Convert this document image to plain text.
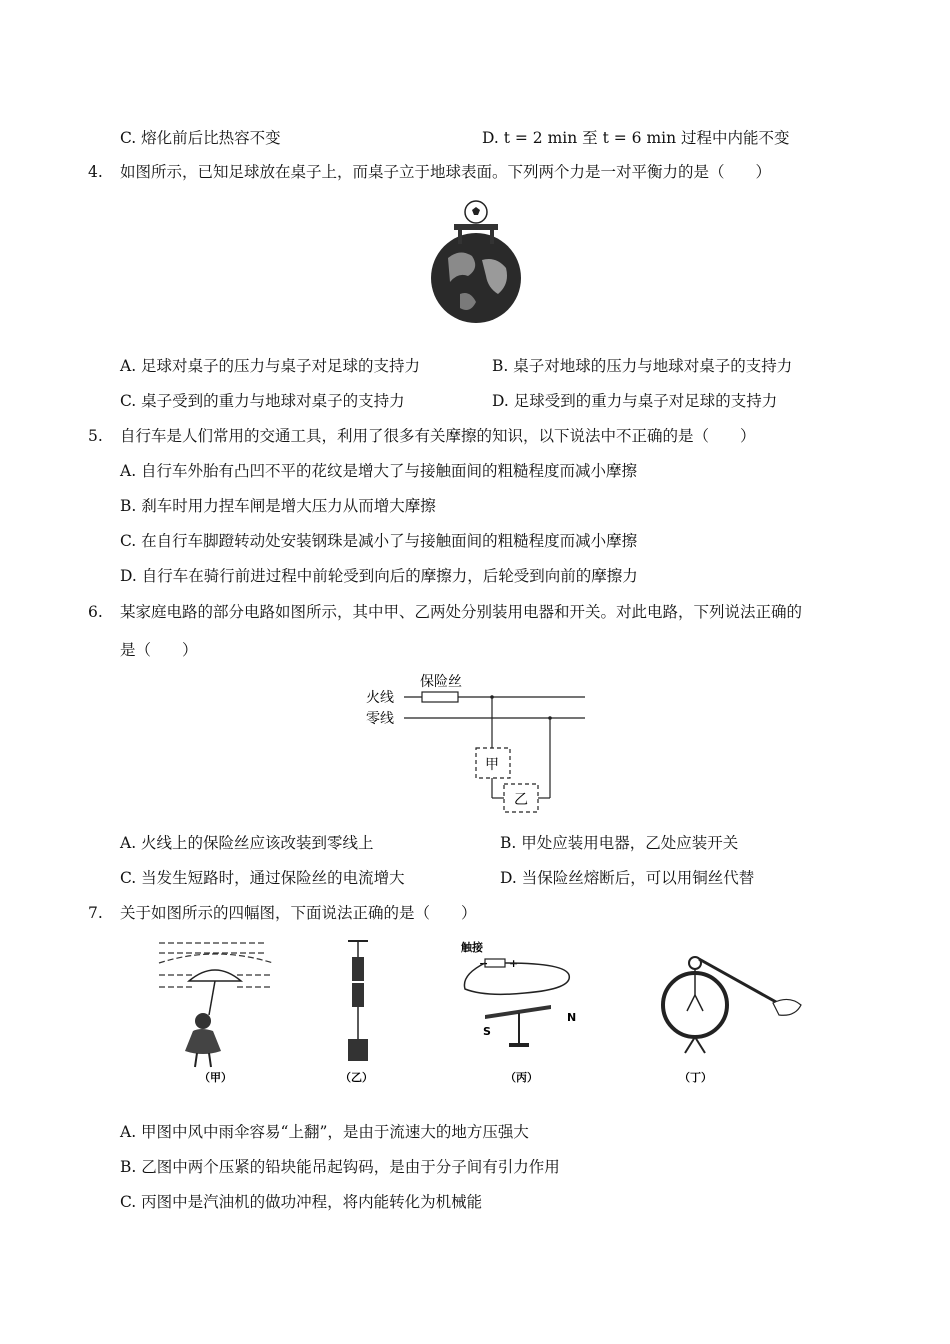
C. 熔化前后比热容不变	D. t = 2 min 至 t = 6 min 过程中内能不变
4. 如图所示，已知足球放在桌子上，而桌子立于地球表面。下列两个力是一对平衡力的是（　　）
A. 足球对桌子的压力与桌子对足球的支持力	B. 桌子对地球的压力与地球对桌子的支持力
C. 桌子受到的重力与地球对桌子的支持力	D. 足球受到的重力与桌子对足球的支持力
5. 自行车是人们常用的交通工具，利用了很多有关摩擦的知识，以下说法中不正确的是（　　）
A. 自行车外胎有凸凹不平的花纹是增大了与接触面间的粗糙程度而减小摩擦
B. 刹车时用力捏车闸是增大压力从而增大摩擦
C. 在自行车脚蹬转动处安装钢珠是减小了与接触面间的粗糙程度而减小摩擦
D. 自行车在骑行前进过程中前轮受到向后的摩擦力，后轮受到向前的摩擦力
6. 某家庭电路的部分电路如图所示，其中甲、乙两处分别装用电器和开关。对此电路，下列说法正确的
是（　　）
火线
零线
保险丝
甲
乙
A. 火线上的保险丝应该改装到零线上	B. 甲处应装用电器，乙处应装开关
C. 当发生短路时，通过保险丝的电流增大	D. 当保险丝熔断后，可以用铜丝代替
7. 关于如图所示的四幅图，下面说法正确的是（　　）
（甲）	（乙）
触接
− +
S
N
（丙）	（丁）
A. 甲图中风中雨伞容易“上翻”，是由于流速大的地方压强大
B. 乙图中两个压紧的铅块能吊起钩码，是由于分子间有引力作用
C. 丙图中是汽油机的做功冲程，将内能转化为机械能
